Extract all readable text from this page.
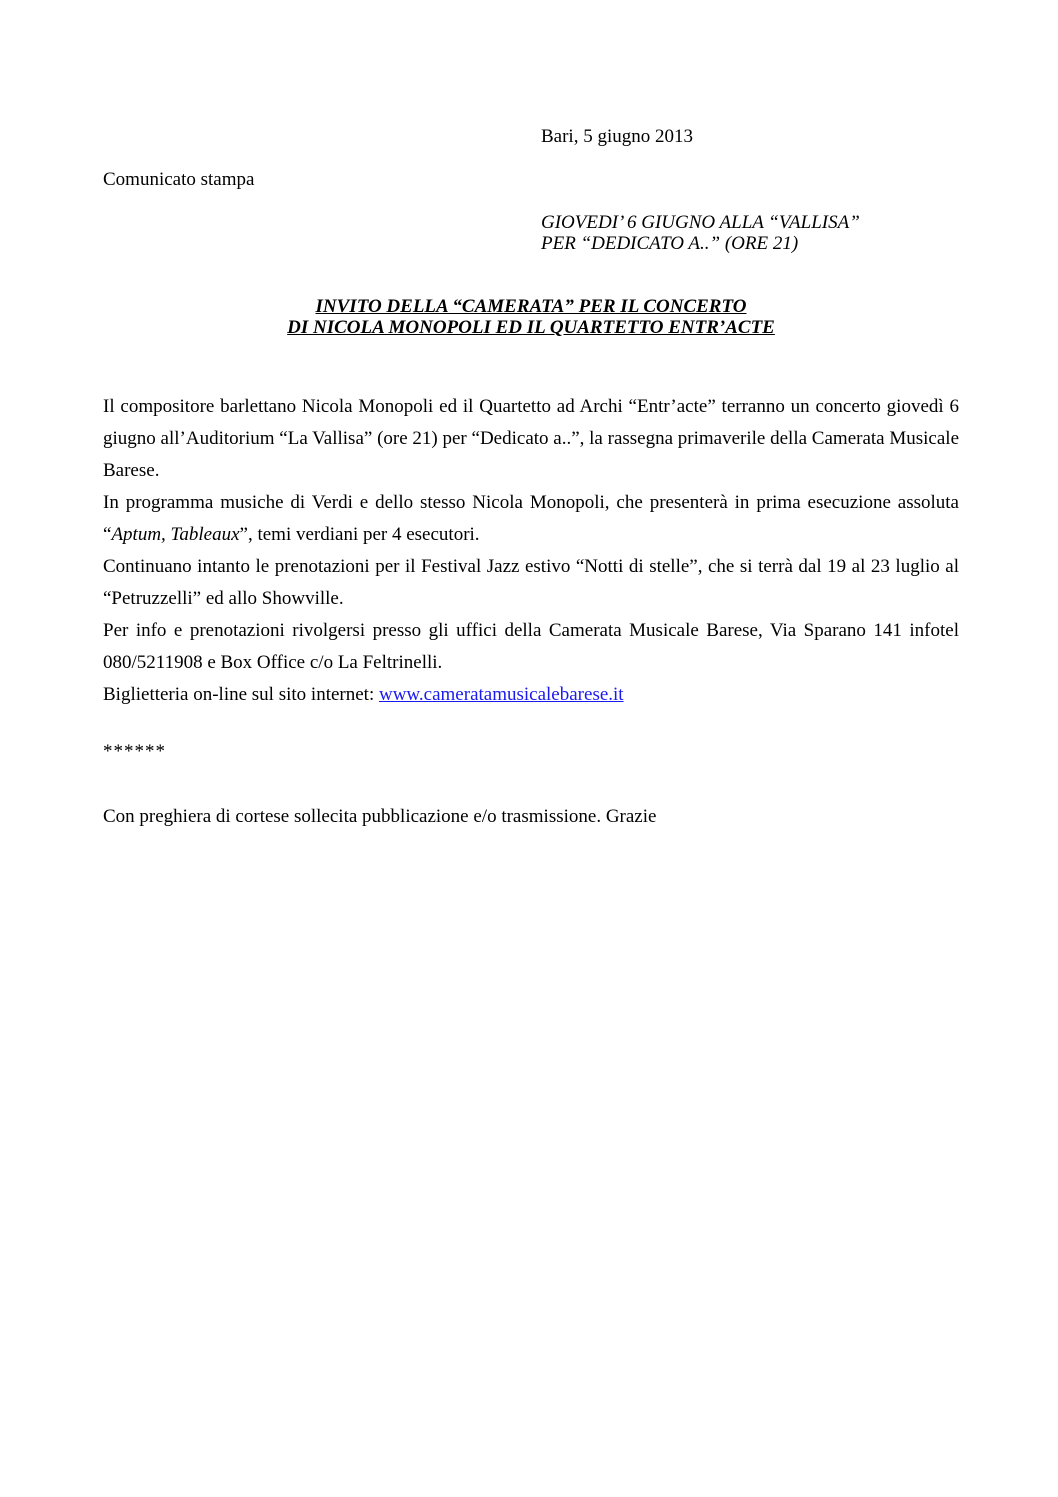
Bari, 5 giugno 2013
Comunicato stampa
GIOVEDI’ 6 GIUGNO ALLA “VALLISA”
PER “DEDICATO A..” (ORE 21)
INVITO DELLA “CAMERATA” PER IL CONCERTO
DI NICOLA MONOPOLI ED IL QUARTETTO ENTR’ACTE

Il compositore barlettano Nicola Monopoli ed il Quartetto ad Archi “Entr’acte” terranno un concerto giovedì 6 giugno all’Auditorium “La Vallisa” (ore 21) per “Dedicato a..”, la rassegna primaverile della Camerata Musicale Barese.

In programma musiche di Verdi e dello stesso Nicola Monopoli, che presenterà in prima esecuzione assoluta “Aptum, Tableaux”, temi verdiani per 4 esecutori.

Continuano intanto le prenotazioni per il Festival Jazz estivo “Notti di stelle”, che si terrà dal 19 al 23 luglio al “Petruzzelli” ed allo Showville.

Per info e prenotazioni rivolgersi presso gli uffici della Camerata Musicale Barese, Via Sparano 141 infotel 080/5211908 e Box Office c/o La Feltrinelli.

Biglietteria on-line sul sito internet: www.cameratamusicalebarese.it

******
Con preghiera di cortese sollecita pubblicazione e/o trasmissione. Grazie
